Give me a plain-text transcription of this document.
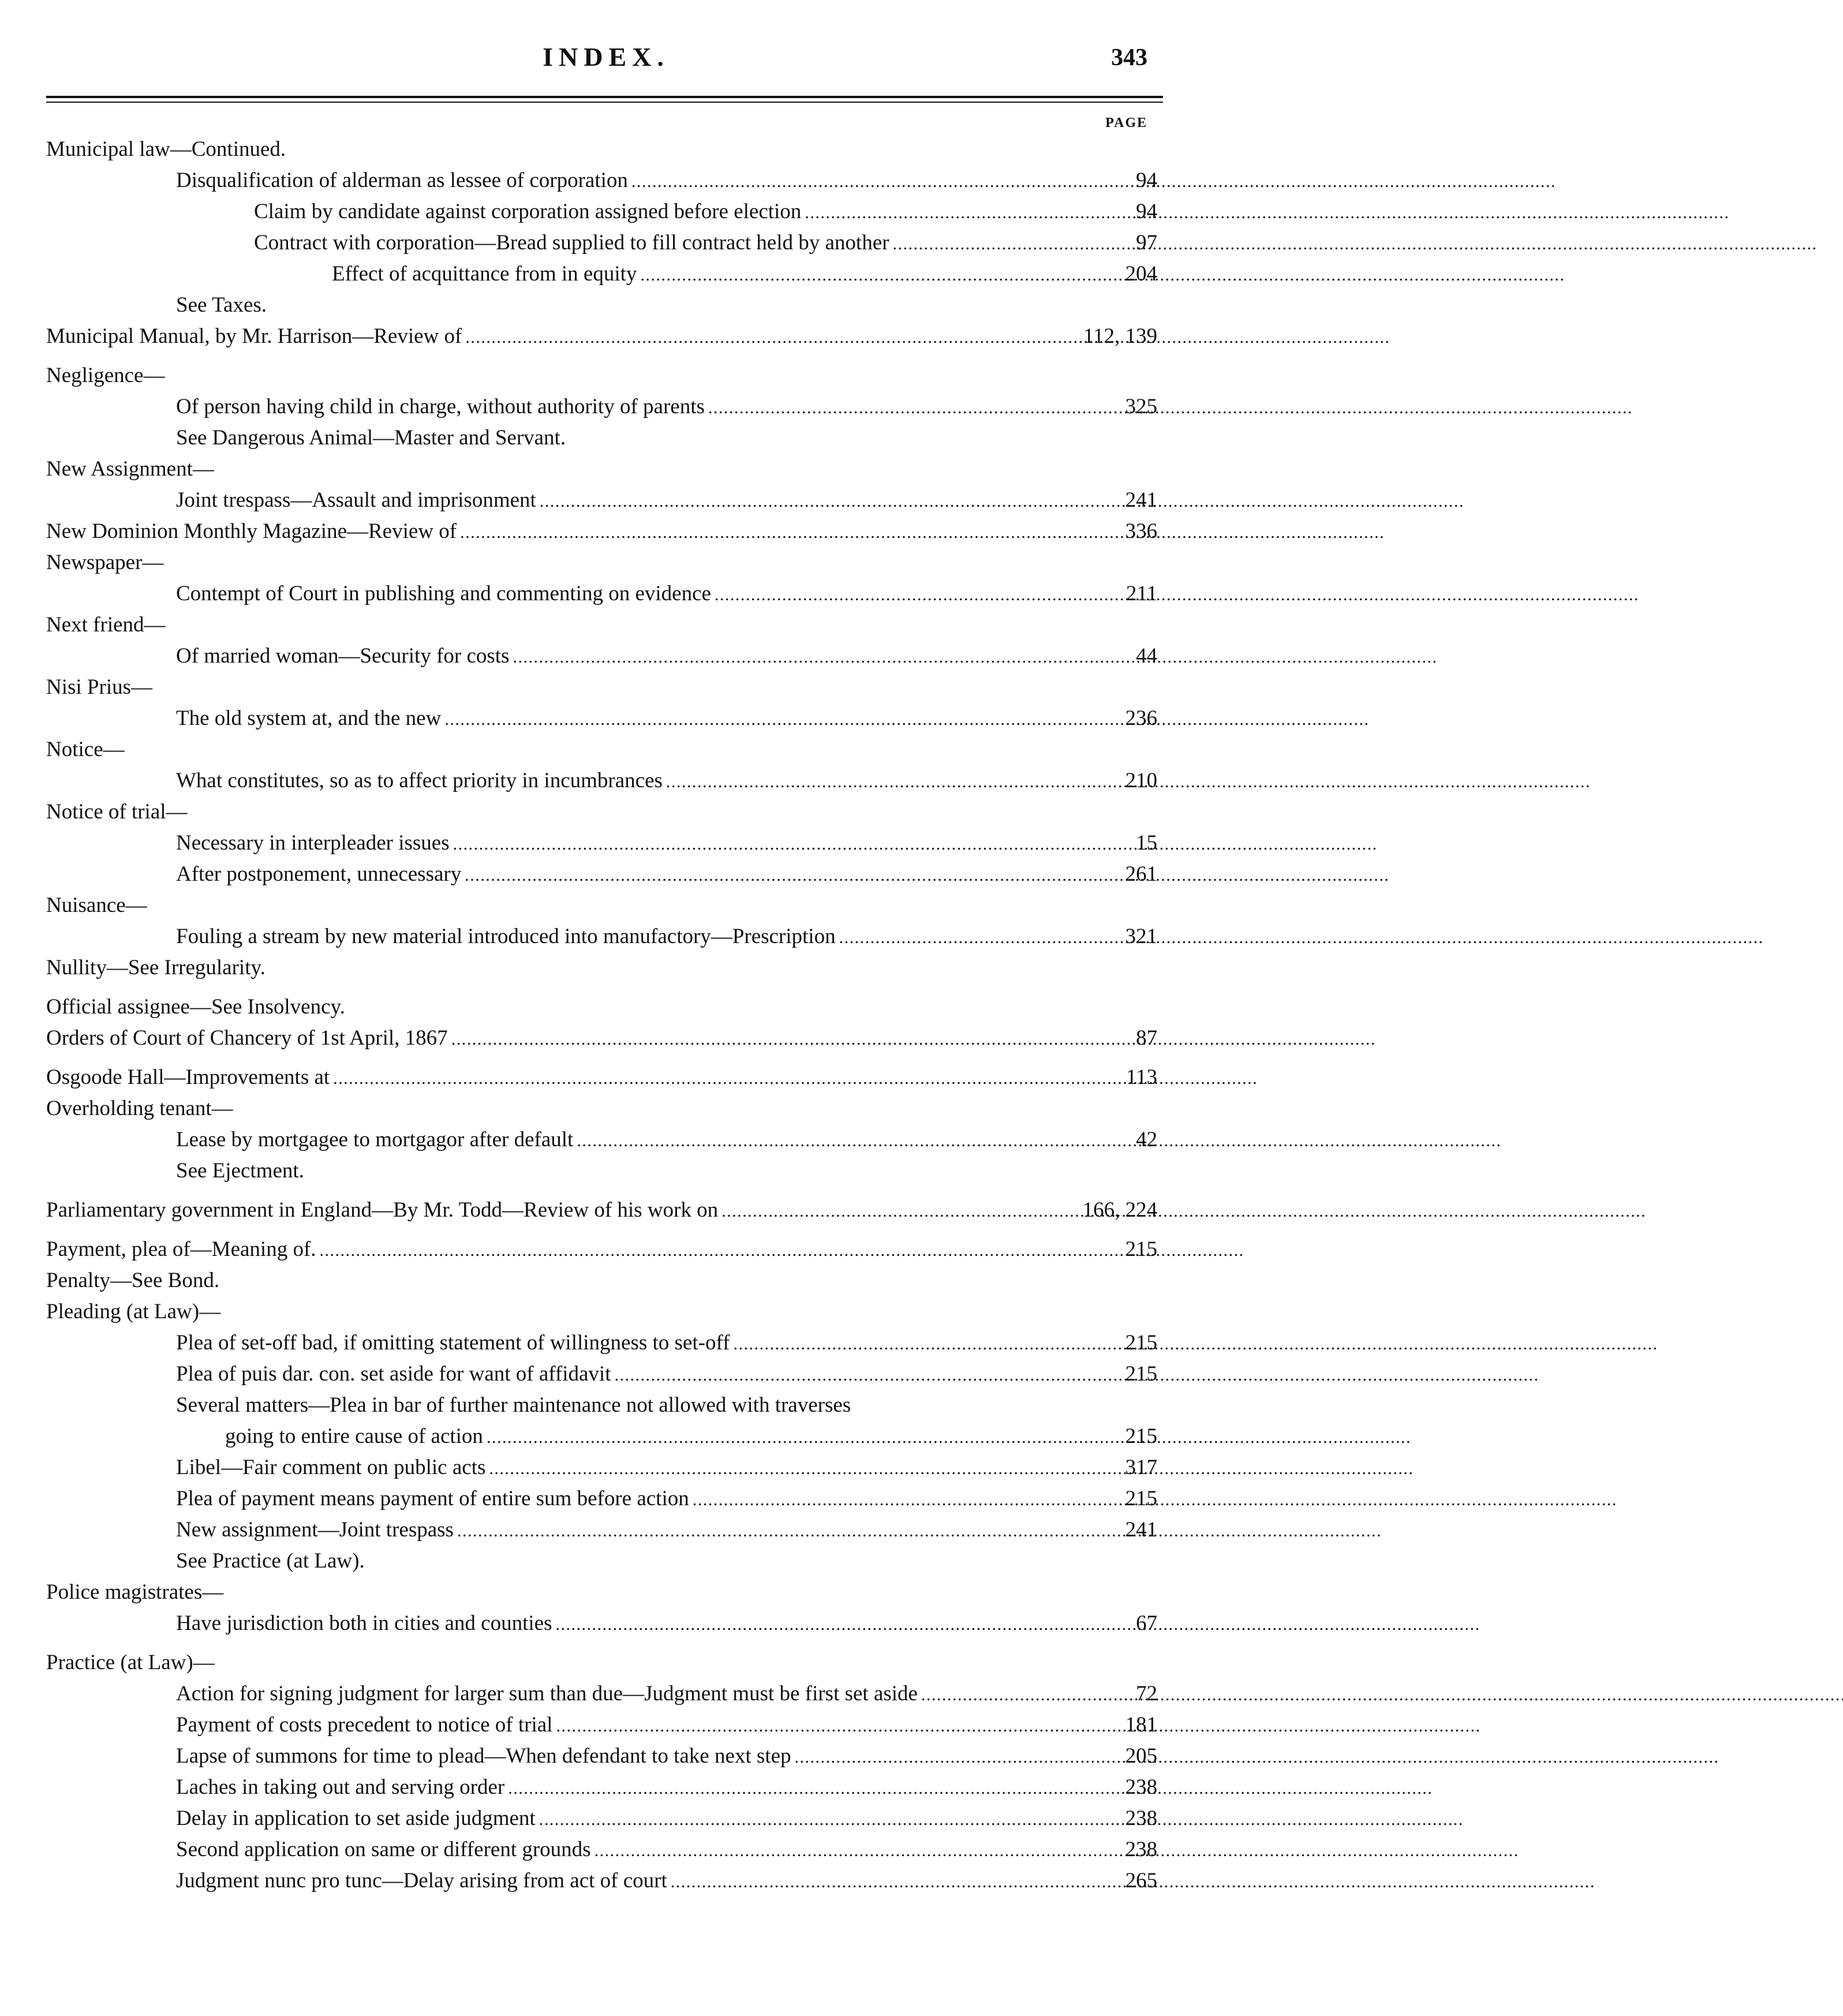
INDEX.	343
PAGE
Municipal law—Continued.
Disqualification of alderman as lessee of corporation . . .	94
Claim by candidate against corporation assigned before election . . .	94
Contract with corporation—Bread supplied to fill contract held by another . . .	97
Effect of acquittance from in equity . . .	204
See Taxes.
Municipal Manual, by Mr. Harrison—Review of . . .	112, 139
Negligence—
Of person having child in charge, without authority of parents . . .	325
See Dangerous Animal—Master and Servant.
New Assignment—
Joint trespass—Assault and imprisonment . . .	241
New Dominion Monthly Magazine—Review of . . .	336
Newspaper—
Contempt of Court in publishing and commenting on evidence . . .	211
Next friend—
Of married woman—Security for costs . . .	44
Nisi Prius—
The old system at, and the new . . .	236
Notice—
What constitutes, so as to affect priority in incumbrances . . .	210
Notice of trial—
Necessary in interpleader issues . . .	15
After postponement, unnecessary . . .	261
Nuisance—
Fouling a stream by new material introduced into manufactory—Prescription . . .	321
Nullity—See Irregularity.
Official assignee—See Insolvency.
Orders of Court of Chancery of 1st April, 1867 . . .	87
Osgoode Hall—Improvements at . . .	113
Overholding tenant—
Lease by mortgagee to mortgagor after default . . .	42
See Ejectment.
Parliamentary government in England—By Mr. Todd—Review of his work on . . .	166, 224
Payment, plea of—Meaning of. . . .	215
Penalty—See Bond.
Pleading (at Law)—
Plea of set-off bad, if omitting statement of willingness to set-off . . .	215
Plea of puis dar. con. set aside for want of affidavit . . .	215
Several matters—Plea in bar of further maintenance not allowed with traverses
going to entire cause of action . . .	215
Libel—Fair comment on public acts . . .	317
Plea of payment means payment of entire sum before action . . .	215
New assignment—Joint trespass . . .	241
See Practice (at Law).
Police magistrates—
Have jurisdiction both in cities and counties . . .	67
Practice (at Law)—
Action for signing judgment for larger sum than due—Judgment must be first set aside . . .	72
Payment of costs precedent to notice of trial . . .	181
Lapse of summons for time to plead—When defendant to take next step . . .	205
Laches in taking out and serving order . . .	238
Delay in application to set aside judgment . . .	238
Second application on same or different grounds . . .	238
Judgment nunc pro tunc—Delay arising from act of court . . .	265
